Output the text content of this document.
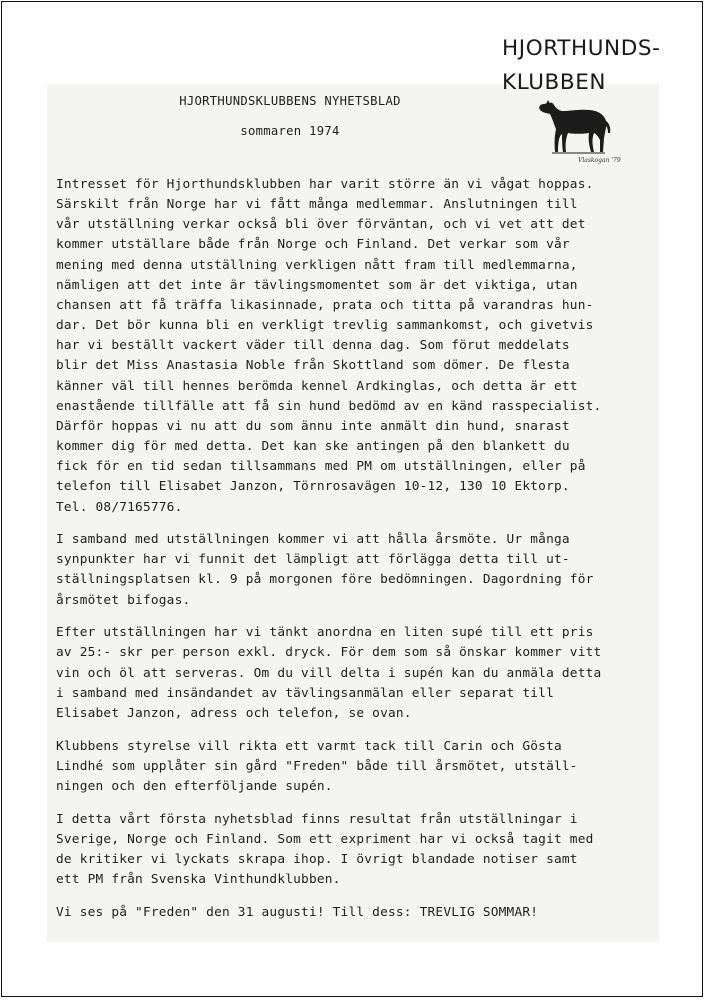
HJORTHUNDS-
KLUBBEN
Vlaskogan '79
HJORTHUNDSKLUBBENS NYHETSBLAD
sommaren 1974

Intresset för Hjorthundsklubben har varit större än vi vågat hoppas.
Särskilt från Norge har vi fått många medlemmar. Anslutningen till
vår utställning verkar också bli över förväntan, och vi vet att det
kommer utställare både från Norge och Finland. Det verkar som vår
mening med denna utställning verkligen nått fram till medlemmarna,
nämligen att det inte är tävlingsmomentet som är det viktiga, utan
chansen att få träffa likasinnade, prata och titta på varandras hun-
dar. Det bör kunna bli en verkligt trevlig sammankomst, och givetvis
har vi beställt vackert väder till denna dag. Som förut meddelats
blir det Miss Anastasia Noble från Skottland som dömer. De flesta
känner väl till hennes berömda kennel Ardkinglas, och detta är ett
enastående tillfälle att få sin hund bedömd av en känd rasspecialist.
Därför hoppas vi nu att du som ännu inte anmält din hund, snarast
kommer dig för med detta. Det kan ske antingen på den blankett du
fick för en tid sedan tillsammans med PM om utställningen, eller på
telefon till Elisabet Janzon, Törnrosavägen 10-12, 130 10 Ektorp.
Tel. 08/7165776.

I samband med utställningen kommer vi att hålla årsmöte. Ur många
synpunkter har vi funnit det lämpligt att förlägga detta till ut-
ställningsplatsen kl. 9 på morgonen före bedömningen. Dagordning för
årsmötet bifogas.

Efter utställningen har vi tänkt anordna en liten supé till ett pris
av 25:- skr per person exkl. dryck. För dem som så önskar kommer vitt
vin och öl att serveras. Om du vill delta i supén kan du anmäla detta
i samband med insändandet av tävlingsanmälan eller separat till
Elisabet Janzon, adress och telefon, se ovan.

Klubbens styrelse vill rikta ett varmt tack till Carin och Gösta
Lindhé som upplåter sin gård "Freden" både till årsmötet, utställ-
ningen och den efterföljande supén.

I detta vårt första nyhetsblad finns resultat från utställningar i
Sverige, Norge och Finland. Som ett expriment har vi också tagit med
de kritiker vi lyckats skrapa ihop. I övrigt blandade notiser samt
ett PM från Svenska Vinthundklubben.

Vi ses på "Freden" den 31 augusti! Till dess: TREVLIG SOMMAR!
